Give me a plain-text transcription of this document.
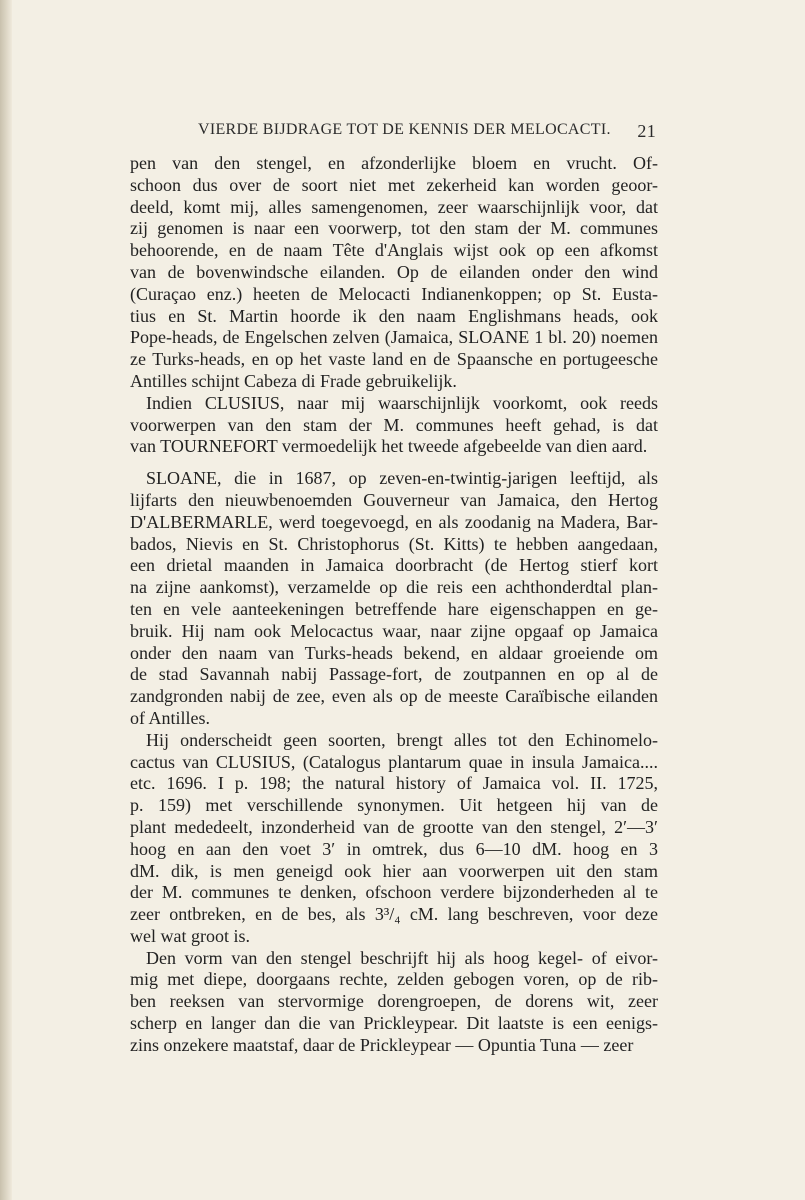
VIERDE BIJDRAGE TOT DE KENNIS DER MELOCACTI. 21
pen van den stengel, en afzonderlijke bloem en vrucht. Of-
schoon dus over de soort niet met zekerheid kan worden geoor-
deeld, komt mij, alles samengenomen, zeer waarschijnlijk voor, dat
zij genomen is naar een voorwerp, tot den stam der M. communes
behoorende, en de naam Tête d'Anglais wijst ook op een afkomst
van de bovenwindsche eilanden. Op de eilanden onder den wind
(Curaçao enz.) heeten de Melocacti Indianenkoppen; op St. Eusta-
tius en St. Martin hoorde ik den naam Englishmans heads, ook
Pope-heads, de Engelschen zelven (Jamaica, SLOANE 1 bl. 20) noemen
ze Turks-heads, en op het vaste land en de Spaansche en portugeesche
Antilles schijnt Cabeza di Frade gebruikelijk.
Indien CLUSIUS, naar mij waarschijnlijk voorkomt, ook reeds
voorwerpen van den stam der M. communes heeft gehad, is dat
van TOURNEFORT vermoedelijk het tweede afgebeelde van dien aard.
SLOANE, die in 1687, op zeven-en-twintig-jarigen leeftijd, als
lijfarts den nieuwbenoemden Gouverneur van Jamaica, den Hertog
D'ALBERMARLE, werd toegevoegd, en als zoodanig na Madera, Bar-
bados, Nievis en St. Christophorus (St. Kitts) te hebben aangedaan,
een drietal maanden in Jamaica doorbracht (de Hertog stierf kort
na zijne aankomst), verzamelde op die reis een achthonderdtal plan-
ten en vele aanteekeningen betreffende hare eigenschappen en ge-
bruik. Hij nam ook Melocactus waar, naar zijne opgaaf op Jamaica
onder den naam van Turks-heads bekend, en aldaar groeiende om
de stad Savannah nabij Passage-fort, de zoutpannen en op al de
zandgronden nabij de zee, even als op de meeste Caraïbische eilanden
of Antilles.
Hij onderscheidt geen soorten, brengt alles tot den Echinomelo-
cactus van CLUSIUS, (Catalogus plantarum quae in insula Jamaica....
etc. 1696. I p. 198; the natural history of Jamaica vol. II. 1725,
p. 159) met verschillende synonymen. Uit hetgeen hij van de
plant mededeelt, inzonderheid van de grootte van den stengel, 2′—3′
hoog en aan den voet 3′ in omtrek, dus 6—10 dM. hoog en 3
dM. dik, is men geneigd ook hier aan voorwerpen uit den stam
der M. communes te denken, ofschoon verdere bijzonderheden al te
zeer ontbreken, en de bes, als 3³/₄ cM. lang beschreven, voor deze
wel wat groot is.
Den vorm van den stengel beschrijft hij als hoog kegel- of eivor-
mig met diepe, doorgaans rechte, zelden gebogen voren, op de rib-
ben reeksen van stervormige dorengroepen, de dorens wit, zeer
scherp en langer dan die van Prickleypear. Dit laatste is een eenigs-
zins onzekere maatstaf, daar de Prickleypear — Opuntia Tuna — zeer
